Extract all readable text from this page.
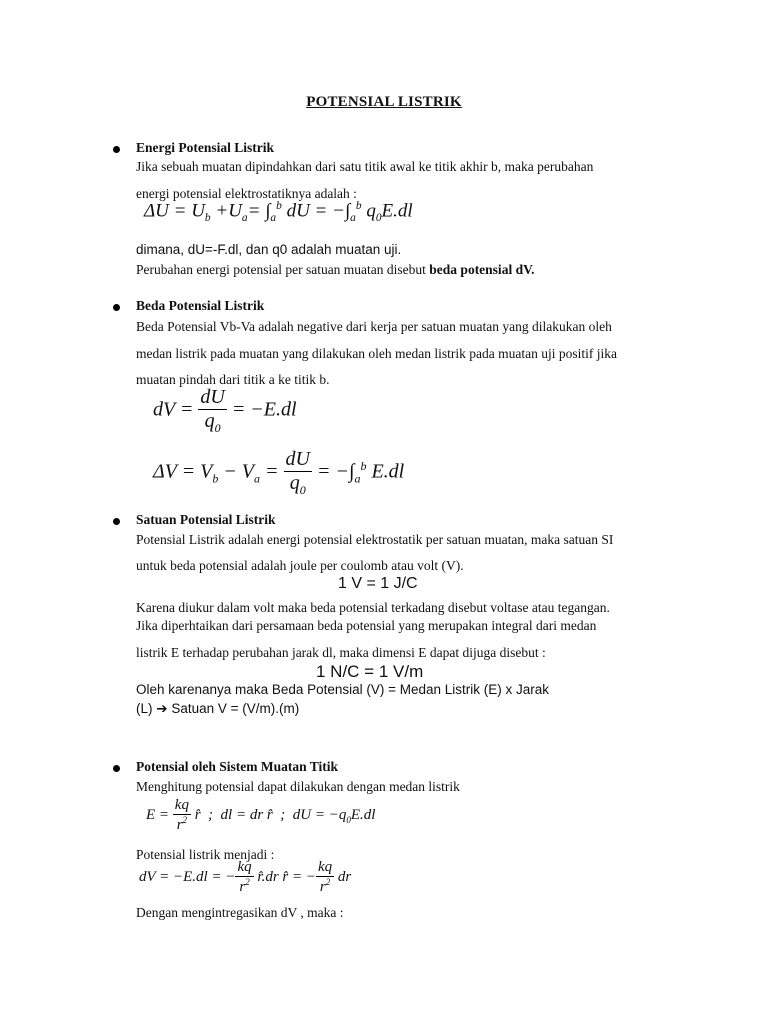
POTENSIAL LISTRIK
Energi Potensial Listrik
Jika sebuah muatan dipindahkan dari satu titik awal ke titik akhir b, maka perubahan
energi potensial elektrostatiknya adalah :
$\Delta U = U_b +U_a= \int_a^b$ dU = $-\int_a^b$ $q_0E.dl$
dimana, dU=-F.dl, dan q0 adalah muatan uji.
Perubahan energi potensial per satuan muatan disebut beda potensial dV.
Beda Potensial Listrik
Beda Potensial Vb-Va adalah negative dari kerja per satuan muatan yang dilakukan oleh
medan listrik pada muatan yang dilakukan oleh medan listrik pada muatan uji positif jika
muatan pindah dari titik a ke titik b.
dV = $\frac{dU}{q_0} = -E.dl$
$\Delta V = V_b - V_a = \frac{dU}{q_0} = -\int_a^b$ E.dl
Satuan Potensial Listrik
Potensial Listrik adalah energi potensial elektrostatik per satuan muatan, maka satuan SI
untuk beda potensial adalah joule per coulomb atau volt (V).
1 V = 1 J/C
Karena diukur dalam volt maka beda potensial terkadang disebut voltase atau tegangan.
Jika diperhtaikan dari persamaan beda potensial yang merupakan integral dari medan
listrik E terhadap perubahan jarak dl, maka dimensi E dapat dijuga disebut :
1 N/C = 1 V/m
Oleh karenanya maka Beda Potensial (V) = Medan Listrik (E) x Jarak
(L) ➔ Satuan V = (V/m).(m)
Potensial oleh Sistem Muatan Titik
Menghitung potensial dapat dilakukan dengan medan listrik
$E = \frac{kq}{r^2}$ r̂  ;  dl = dr r̂  ;  dU = $-q_0E.dl$
Potensial listrik menjadi :
dV = −E.dl = − $\frac{kq}{r^2}$ r̂.dr r̂ = − $\frac{kq}{r^2}$ dr
Dengan mengintregasikan dV , maka :
